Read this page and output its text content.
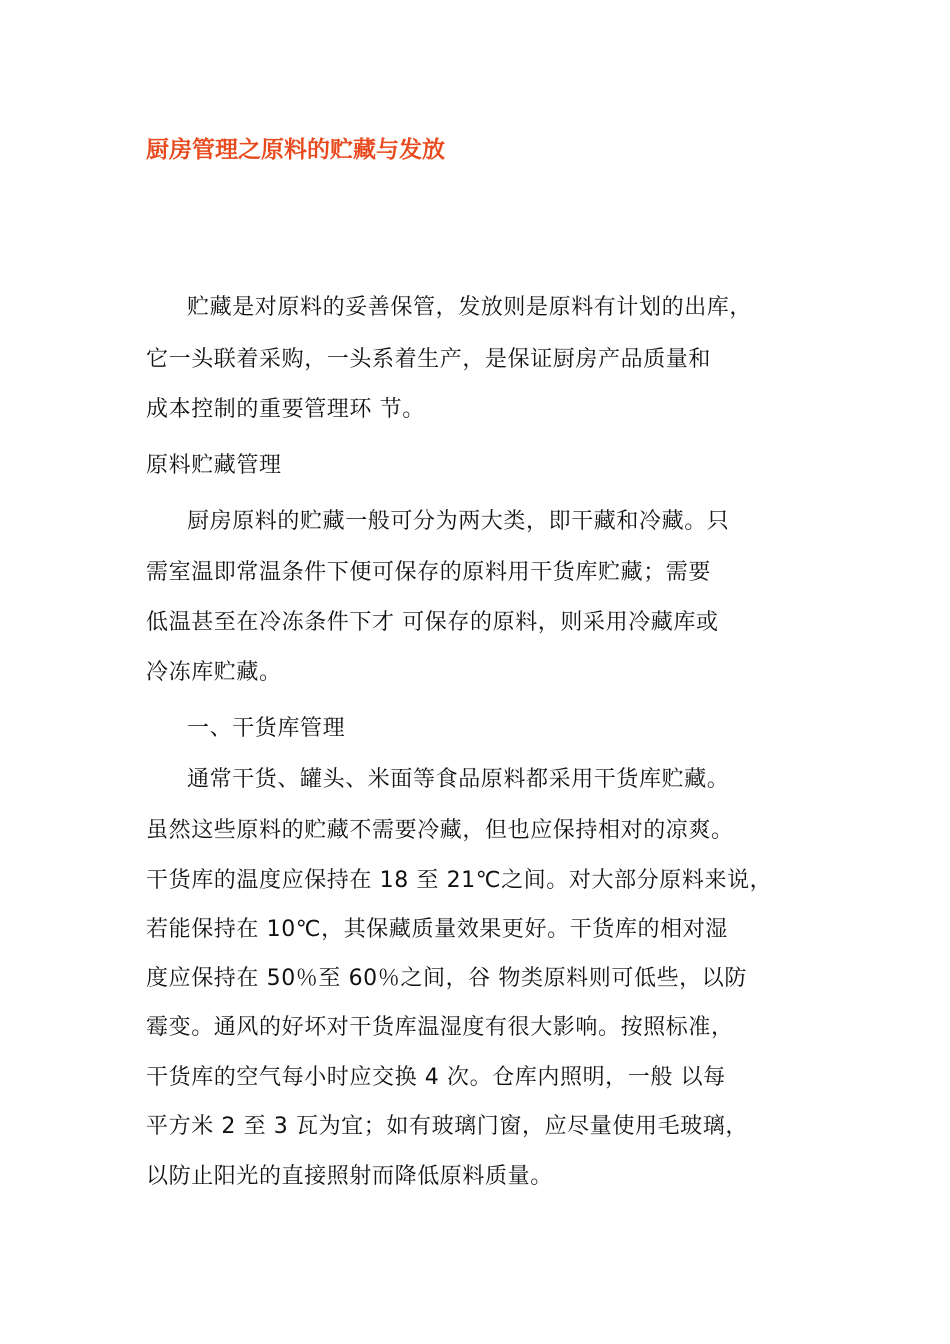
厨房管理之原料的贮藏与发放
贮藏是对原料的妥善保管，发放则是原料有计划的出库，
它一头联着采购，一头系着生产，是保证厨房产品质量和
成本控制的重要管理环 节。
原料贮藏管理
厨房原料的贮藏一般可分为两大类，即干藏和冷藏。只
需室温即常温条件下便可保存的原料用干货库贮藏；需要
低温甚至在冷冻条件下才 可保存的原料，则采用冷藏库或
冷冻库贮藏。
一、干货库管理
通常干货、罐头、米面等食品原料都采用干货库贮藏。
虽然这些原料的贮藏不需要冷藏，但也应保持相对的凉爽。
干货库的温度应保持在 18 至 21℃之间。对大部分原料来说，
若能保持在 10℃，其保藏质量效果更好。干货库的相对湿
度应保持在 50％至 60％之间，谷 物类原料则可低些，以防
霉变。通风的好坏对干货库温湿度有很大影响。按照标准，
干货库的空气每小时应交换 4 次。仓库内照明，一般 以每
平方米 2 至 3 瓦为宜；如有玻璃门窗，应尽量使用毛玻璃，
以防止阳光的直接照射而降低原料质量。
